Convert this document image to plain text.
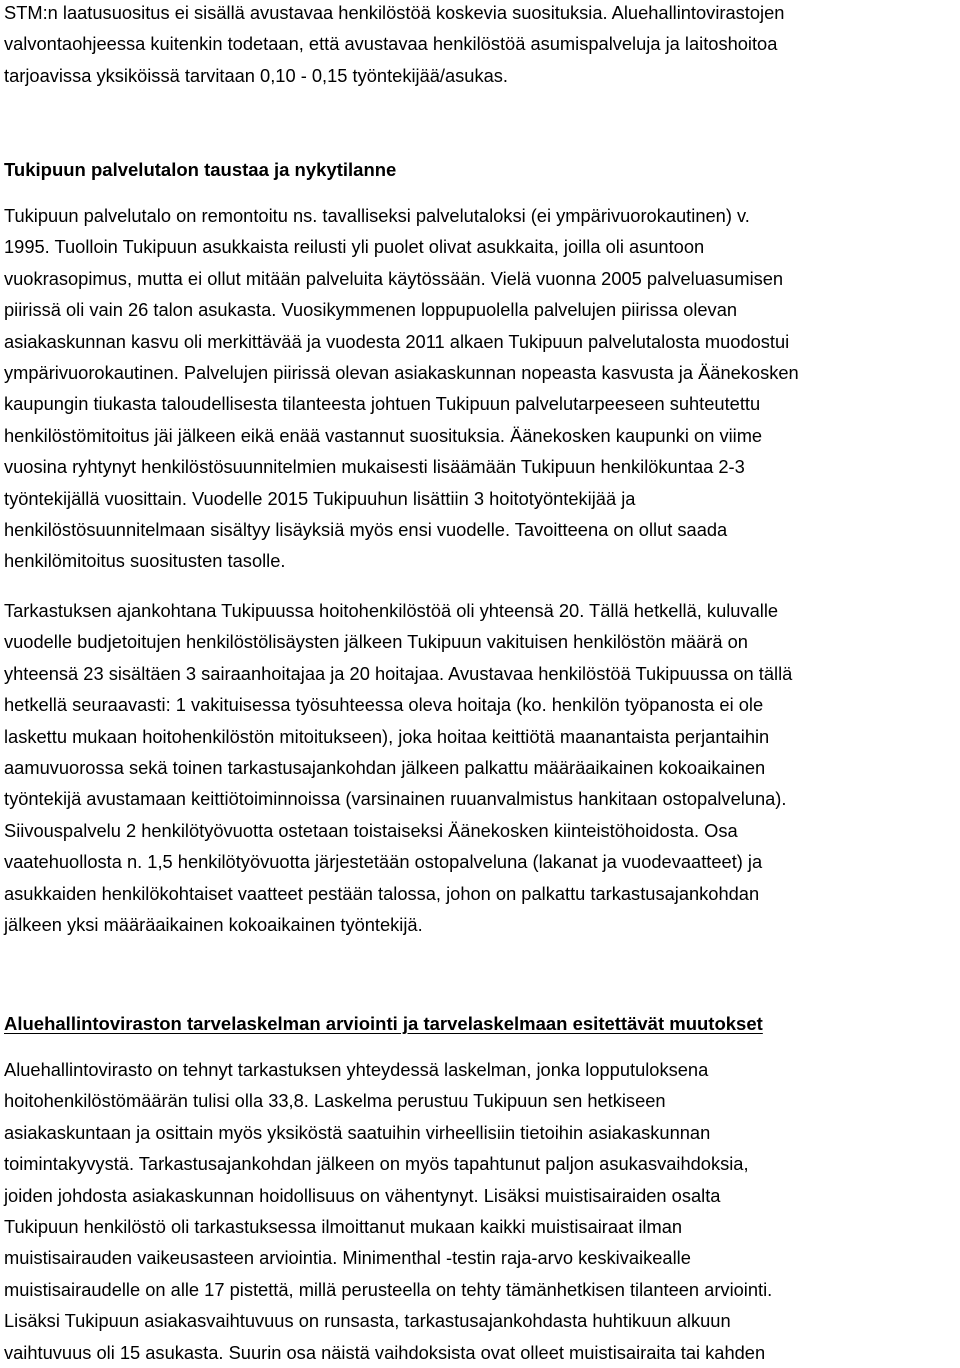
STM:n laatusuositus ei sisällä avustavaa henkilöstöä koskevia suosituksia. Aluehallintovirastojen
valvontaohjeessa kuitenkin todetaan, että avustavaa henkilöstöä asumispalveluja ja laitoshoitoa
tarjoavissa yksiköissä tarvitaan 0,10 - 0,15 työntekijää/asukas.
Tukipuun palvelutalon taustaa ja nykytilanne
Tukipuun palvelutalo on remontoitu ns. tavalliseksi palvelutaloksi (ei ympärivuorokautinen) v.
1995. Tuolloin Tukipuun asukkaista reilusti yli puolet olivat asukkaita, joilla oli asuntoon
vuokrasopimus, mutta ei ollut mitään palveluita käytössään. Vielä vuonna 2005 palveluasumisen
piirissä oli vain 26 talon asukasta. Vuosikymmenen loppupuolella palvelujen piirissa olevan
asiakaskunnan kasvu oli merkittävää ja vuodesta 2011 alkaen Tukipuun palvelutalosta muodostui
ympärivuorokautinen. Palvelujen piirissä olevan asiakaskunnan nopeasta kasvusta ja Äänekosken
kaupungin tiukasta taloudellisesta tilanteesta johtuen Tukipuun palvelutarpeeseen suhteutettu
henkilöstömitoitus jäi jälkeen eikä enää vastannut suosituksia. Äänekosken kaupunki on viime
vuosina ryhtynyt henkilöstösuunnitelmien mukaisesti lisäämään Tukipuun henkilökuntaa 2-3
työntekijällä vuosittain. Vuodelle 2015 Tukipuuhun lisättiin 3 hoitotyöntekijää ja
henkilöstösuunnitelmaan sisältyy lisäyksiä myös ensi vuodelle. Tavoitteena on ollut saada
henkilömitoitus suositusten tasolle.
Tarkastuksen ajankohtana Tukipuussa hoitohenkilöstöä oli yhteensä 20. Tällä hetkellä, kuluvalle
vuodelle budjetoitujen henkilöstölisäysten jälkeen Tukipuun vakituisen henkilöstön määrä on
yhteensä 23 sisältäen 3 sairaanhoitajaa ja 20 hoitajaa. Avustavaa henkilöstöä Tukipuussa on tällä
hetkellä seuraavasti: 1 vakituisessa työsuhteessa oleva hoitaja (ko. henkilön työpanosta ei ole
laskettu mukaan hoitohenkilöstön mitoitukseen), joka hoitaa keittiötä maanantaista perjantaihin
aamuvuorossa sekä toinen tarkastusajankohdan jälkeen palkattu määräaikainen kokoaikainen
työntekijä avustamaan keittiötoiminnoissa (varsinainen ruuanvalmistus hankitaan ostopalveluna).
Siivouspalvelu 2 henkilötyövuotta ostetaan toistaiseksi Äänekosken kiinteistöhoidosta. Osa
vaatehuollosta n. 1,5 henkilötyövuotta järjestetään ostopalveluna (lakanat ja vuodevaatteet) ja
asukkaiden henkilökohtaiset vaatteet pestään talossa, johon on palkattu tarkastusajankohdan
jälkeen yksi määräaikainen kokoaikainen työntekijä.
Aluehallintoviraston tarvelaskelman arviointi ja tarvelaskelmaan esitettävät muutokset
Aluehallintovirasto on tehnyt tarkastuksen yhteydessä laskelman, jonka lopputuloksena
hoitohenkilöstömäärän tulisi olla 33,8. Laskelma perustuu Tukipuun sen hetkiseen
asiakaskuntaan ja osittain myös yksiköstä saatuihin virheellisiin tietoihin asiakaskunnan
toimintakyvystä. Tarkastusajankohdan jälkeen on myös tapahtunut paljon asukasvaihdoksia,
joiden johdosta asiakaskunnan hoidollisuus on vähentynyt. Lisäksi muistisairaiden osalta
Tukipuun henkilöstö oli tarkastuksessa ilmoittanut mukaan kaikki muistisairaat ilman
muistisairauden vaikeusasteen arviointia. Minimenthal -testin raja-arvo keskivaikealle
muistisairaudelle on alle 17 pistettä, millä perusteella on tehty tämänhetkisen tilanteen arviointi.
Lisäksi Tukipuun asiakasvaihtuvuus on runsasta, tarkastusajankohdasta huhtikuun alkuun
vaihtuvuus oli 15 asukasta. Suurin osa näistä vaihdoksista ovat olleet muistisairaita tai kahden
